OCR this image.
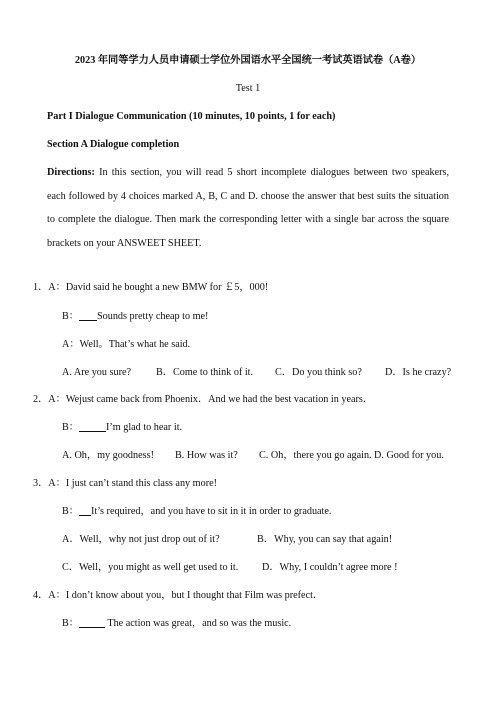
2023 年同等学力人员申请硕士学位外国语水平全国统一考试英语试卷（A卷）
Test 1
Part I Dialogue Communication (10 minutes, 10 points, 1 for each)
Section A Dialogue completion
Directions: In this section, you will read 5 short incomplete dialogues between two speakers, each followed by 4 choices marked A, B, C and D. choose the answer that best suits the situation to complete the dialogue. Then mark the corresponding letter with a single bar across the square brackets on your ANSWEET SHEET.
1．A：David said he bought a new BMW for ￡5，000!
B： Sounds pretty cheap to me!
A：Well。That’s what he said.
A. Are you sure? B．Come to think of it. C．Do you think so? D．Is he crazy?
2．A：Wejust came back from Phoenix．And we had the best vacation in years．
B：	I’m glad to hear it.
A. Oh，my goodness! B. How was it? C. Oh，there you go again. D. Good for you.
3．A：I just can’t stand this class any more!
B： It’s required，and you have to sit in it in order to graduate.
A．Well，why not just drop out of it?	B．Why, you can say that again!
C．Well，you might as well get used to it. D．Why, I couldn’t agree more !
4．A：I don’t know about you，but I thought that Film was prefect．
B：	The action was great，and so was the music.
